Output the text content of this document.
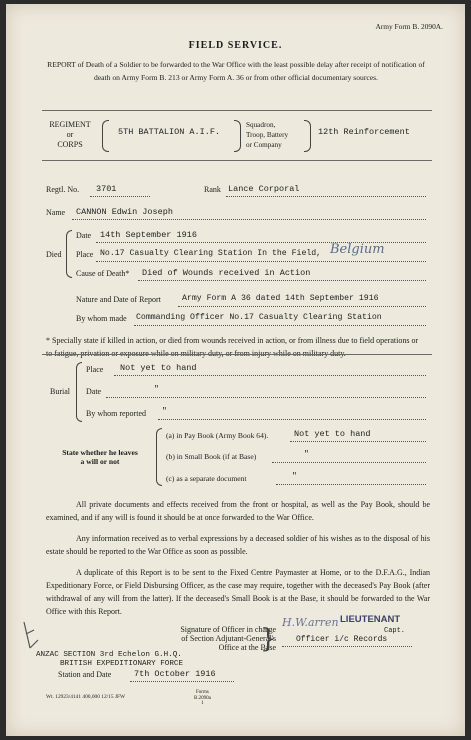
Army Form B. 2090A.
FIELD SERVICE.

REPORT of Death of a Soldier to be forwarded to the War Office with the least possible delay after receipt of notification of death on Army Form B. 213 or Army Form A. 36 or from other official documentary sources.

REGIMENT
or
CORPS
5TH BATTALION A.I.F.
Squadron,
Troop, Battery
or Company
12th Reinforcement
Regtl. No. 3701	Rank Lance Corporal
Name CANNON Edwin Joseph
Died
Date 14th September 1916
Place No.17 Casualty Clearing Station In the Field, Belgium
Cause of Death* Died of Wounds received in Action
Nature and Date of Report	Army Form A 36 dated 14th September 1916
By whom made Commanding Officer No.17 Casualty Clearing Station

* Specially state if killed in action, or died from wounds received in action, or from illness due to field operations or to fatigue, privation or exposure while on military duty, or from injury while on military duty.

Burial
Place Not yet to hand
Date	"
By whom reported "
State whether he leaves
a will or not
(a) in Pay Book (Army Book 64).	Not yet to hand
(b) in Small Book (if at Base)	"
(c) as a separate document	"

All private documents and effects received from the front or hospital, as well as the Pay Book, should be examined, and if any will is found it should be at once forwarded to the War Office.

Any information received as to verbal expressions by a deceased soldier of his wishes as to the disposal of his estate should be reported to the War Office as soon as possible.

A duplicate of this Report is to be sent to the Fixed Centre Paymaster at Home, or to the D.F.A.G., Indian Expeditionary Force, or Field Disbursing Officer, as the case may require, together with the deceased's Pay Book (after withdrawal of any will from the latter). If the deceased's Small Book is at the Base, it should be forwarded to the War Office with this Report.

Signature of Officer in charge
of Section Adjutant-General's
Office at the Base
}
H.W.arren LIEUTENANT
Capt.
Officer i/c Records
ANZAC SECTION 3rd Echelon G.H.Q.
BRITISH EXPEDITIONARY FORCE
Station and Date	7th October 1916
Wt. 12923/4141 400,000 12/15 JFW
Forms
B.2090a
1
